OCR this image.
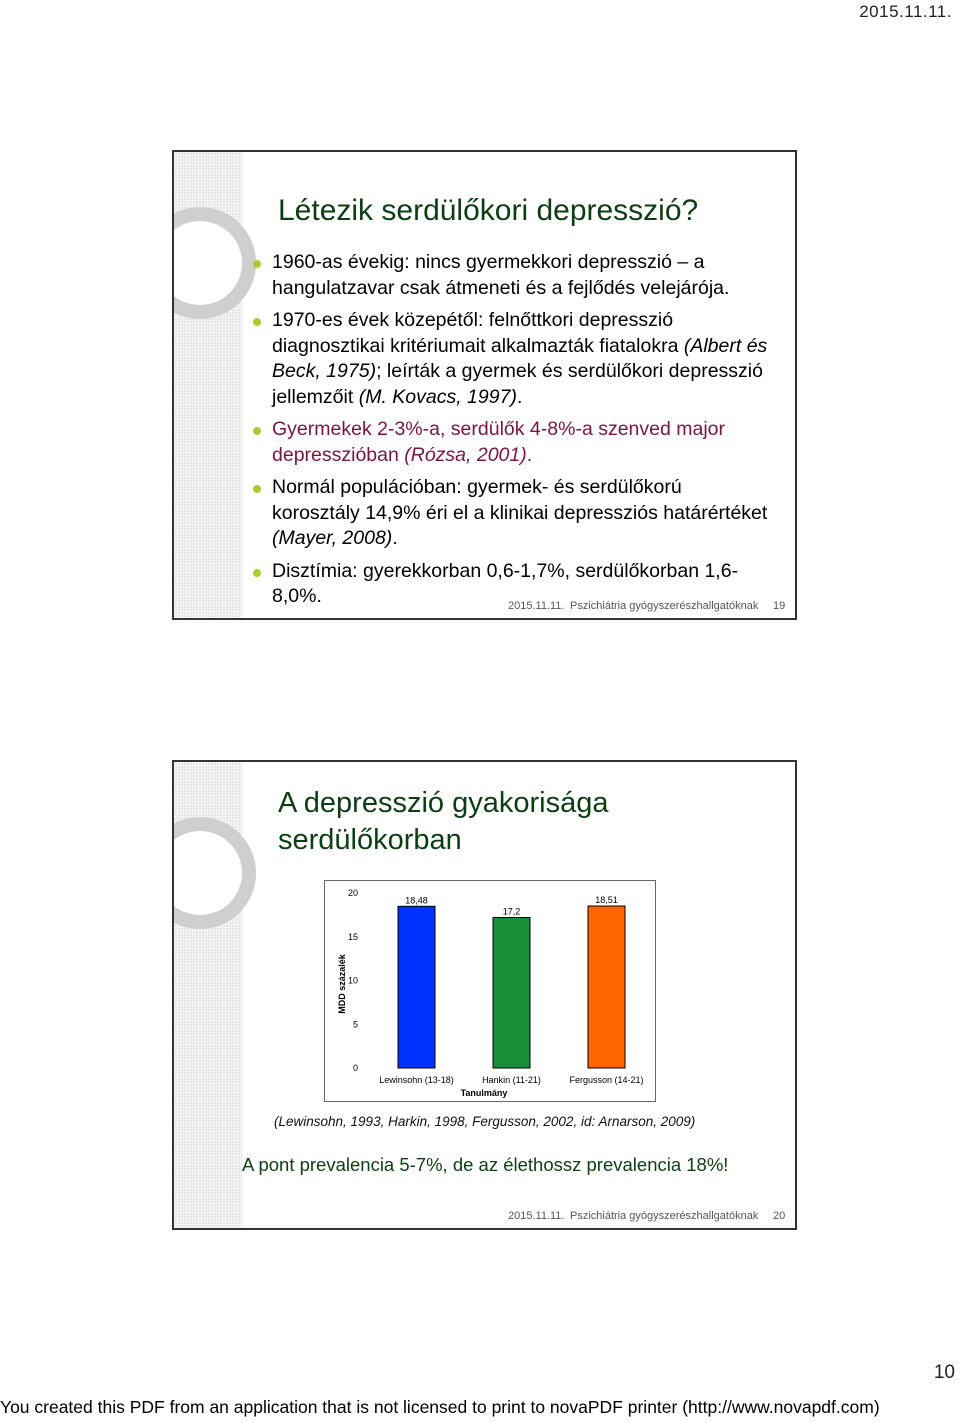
2015.11.11.
Létezik serdülőkori depresszió?
1960-as évekig: nincs gyermekkori depresszió – a hangulatzavar csak átmeneti és a fejlődés velejárója.
1970-es évek közepétől: felnőttkori depresszió diagnosztikai kritériumait alkalmazták fiatalokra (Albert és Beck, 1975); leírták a gyermek és serdülőkori depresszió jellemzőit (M. Kovacs, 1997).
Gyermekek 2-3%-a, serdülők 4-8%-a szenved major depresszióban (Rózsa, 2001).
Normál populációban: gyermek- és serdülőkorú korosztály 14,9% éri el a klinikai depressziós határértéket (Mayer, 2008).
Disztímia: gyerekkorban 0,6-1,7%, serdülőkorban 1,6-8,0%.	2015.11.11. Pszichiátria gyógyszerészhallgatóknak 19
A depresszió gyakorisága
serdülőkorban
0
5
10
15
20
MDD százalék
18,48
Lewinsohn (13-18)
17,2
Hankin (11-21)
18,51
Fergusson (14-21)
Tanulmány
(Lewinsohn, 1993, Harkin, 1998, Fergusson, 2002, id: Arnarson, 2009)
A pont prevalencia 5-7%, de az élethossz prevalencia 18%!
2015.11.11. Pszichiátria gyógyszerészhallgatóknak 20
10
You created this PDF from an application that is not licensed to print to novaPDF printer (http://www.novapdf.com)
